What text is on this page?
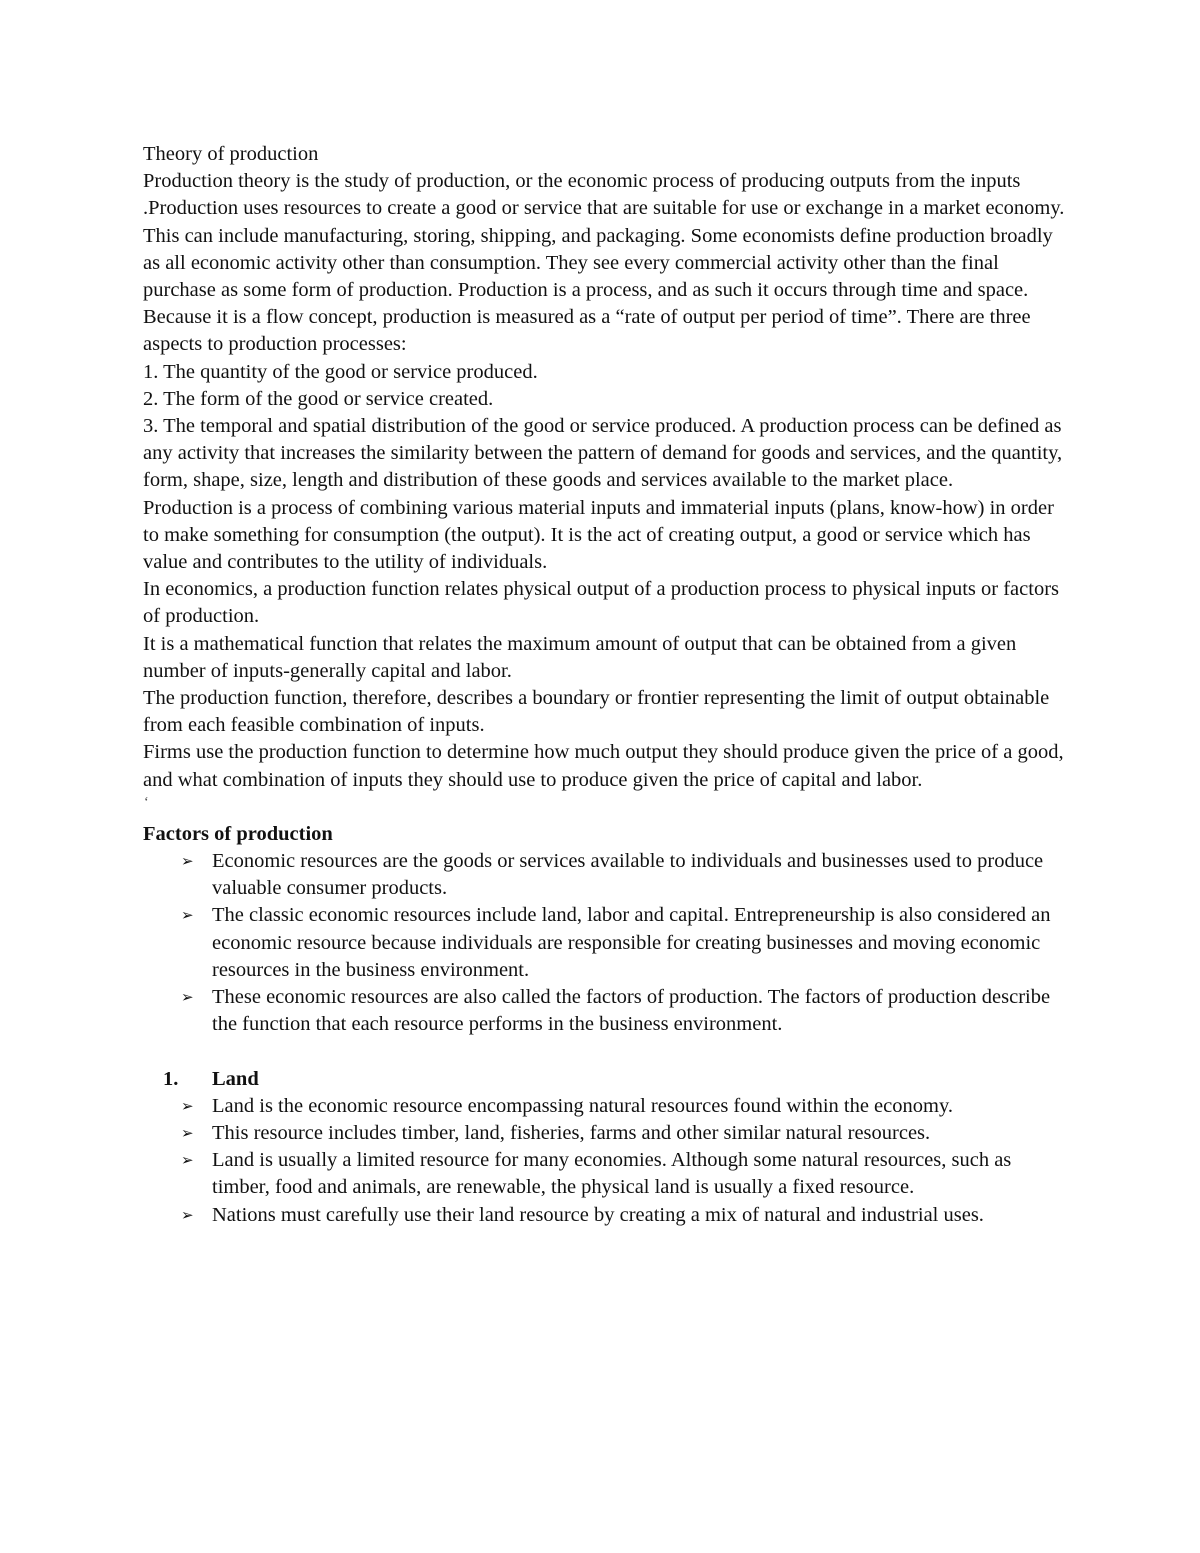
Theory of production

Production theory is the study of production, or the economic process of producing outputs from the inputs .Production uses resources to create a good or service that are suitable for use or exchange in a market economy. This can include manufacturing, storing, shipping, and packaging. Some economists define production broadly as all economic activity other than consumption. They see every commercial activity other than the final purchase as some form of production. Production is a process, and as such it occurs through time and space. Because it is a flow concept, production is measured as a “rate of output per period of time”. There are three aspects to production processes:

1. The quantity of the good or service produced.

2. The form of the good or service created.

3. The temporal and spatial distribution of the good or service produced. A production process can be defined as any activity that increases the similarity between the pattern of demand for goods and services, and the quantity, form, shape, size, length and distribution of these goods and services available to the market place.

Production is a process of combining various material inputs and immaterial inputs (plans, know-how) in order to make something for consumption (the output). It is the act of creating output, a good or service which has value and contributes to the utility of individuals.

In economics, a production function relates physical output of a production process to physical inputs or factors of production.

It is a mathematical function that relates the maximum amount of output that can be obtained from a given number of inputs-generally capital and labor.

The production function, therefore, describes a boundary or frontier representing the limit of output obtainable from each feasible combination of inputs.

Firms use the production function to determine how much output they should produce given the price of a good, and what combination of inputs they should use to produce given the price of capital and labor.

‘

Factors of production

➢ Economic resources are the goods or services available to individuals and businesses used to produce valuable consumer products.
➢ The classic economic resources include land, labor and capital. Entrepreneurship is also considered an economic resource because individuals are responsible for creating businesses and moving economic resources in the business environment.
➢ These economic resources are also called the factors of production. The factors of production describe the function that each resource performs in the business environment.
1. Land
➢ Land is the economic resource encompassing natural resources found within the economy.
➢ This resource includes timber, land, fisheries, farms and other similar natural resources.
➢ Land is usually a limited resource for many economies. Although some natural resources, such as timber, food and animals, are renewable, the physical land is usually a fixed resource.
➢ Nations must carefully use their land resource by creating a mix of natural and industrial uses.
